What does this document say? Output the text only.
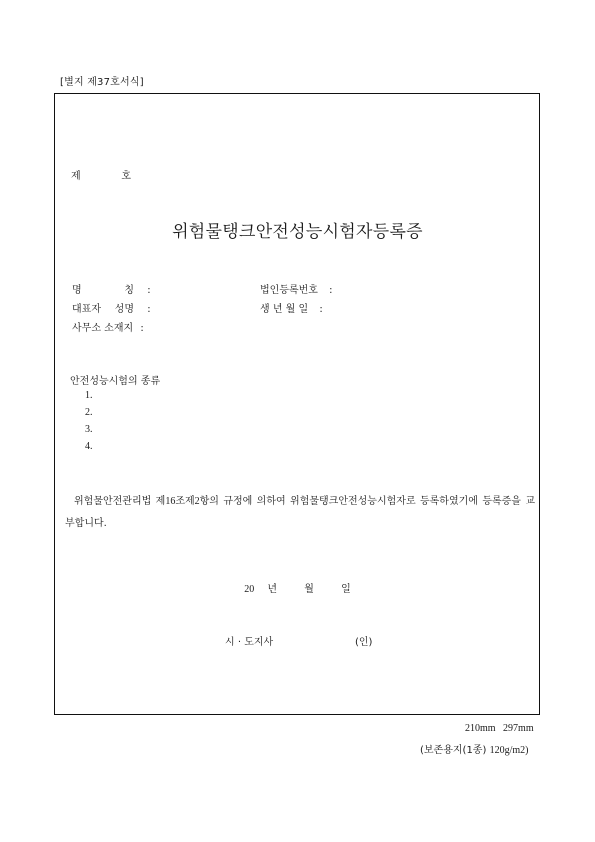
[별지 제37호서식]
제	호
위험물탱크안전성능시험자등록증
명	칭 :	법인등록번호 :
대표자 성명 :	생 년 월 일 :
사무소 소재지 :
안전성능시험의 종류
1.
2.
3.
4.
위험물안전관리법 제16조제2항의 규정에 의하여 위험물탱크안전성능시험자로 등록하였기에 등록증을 교부합니다.
20 년	월	일
시 · 도지사	(인)
210mm   297mm
(보존용지(1종) 120g/m2)
